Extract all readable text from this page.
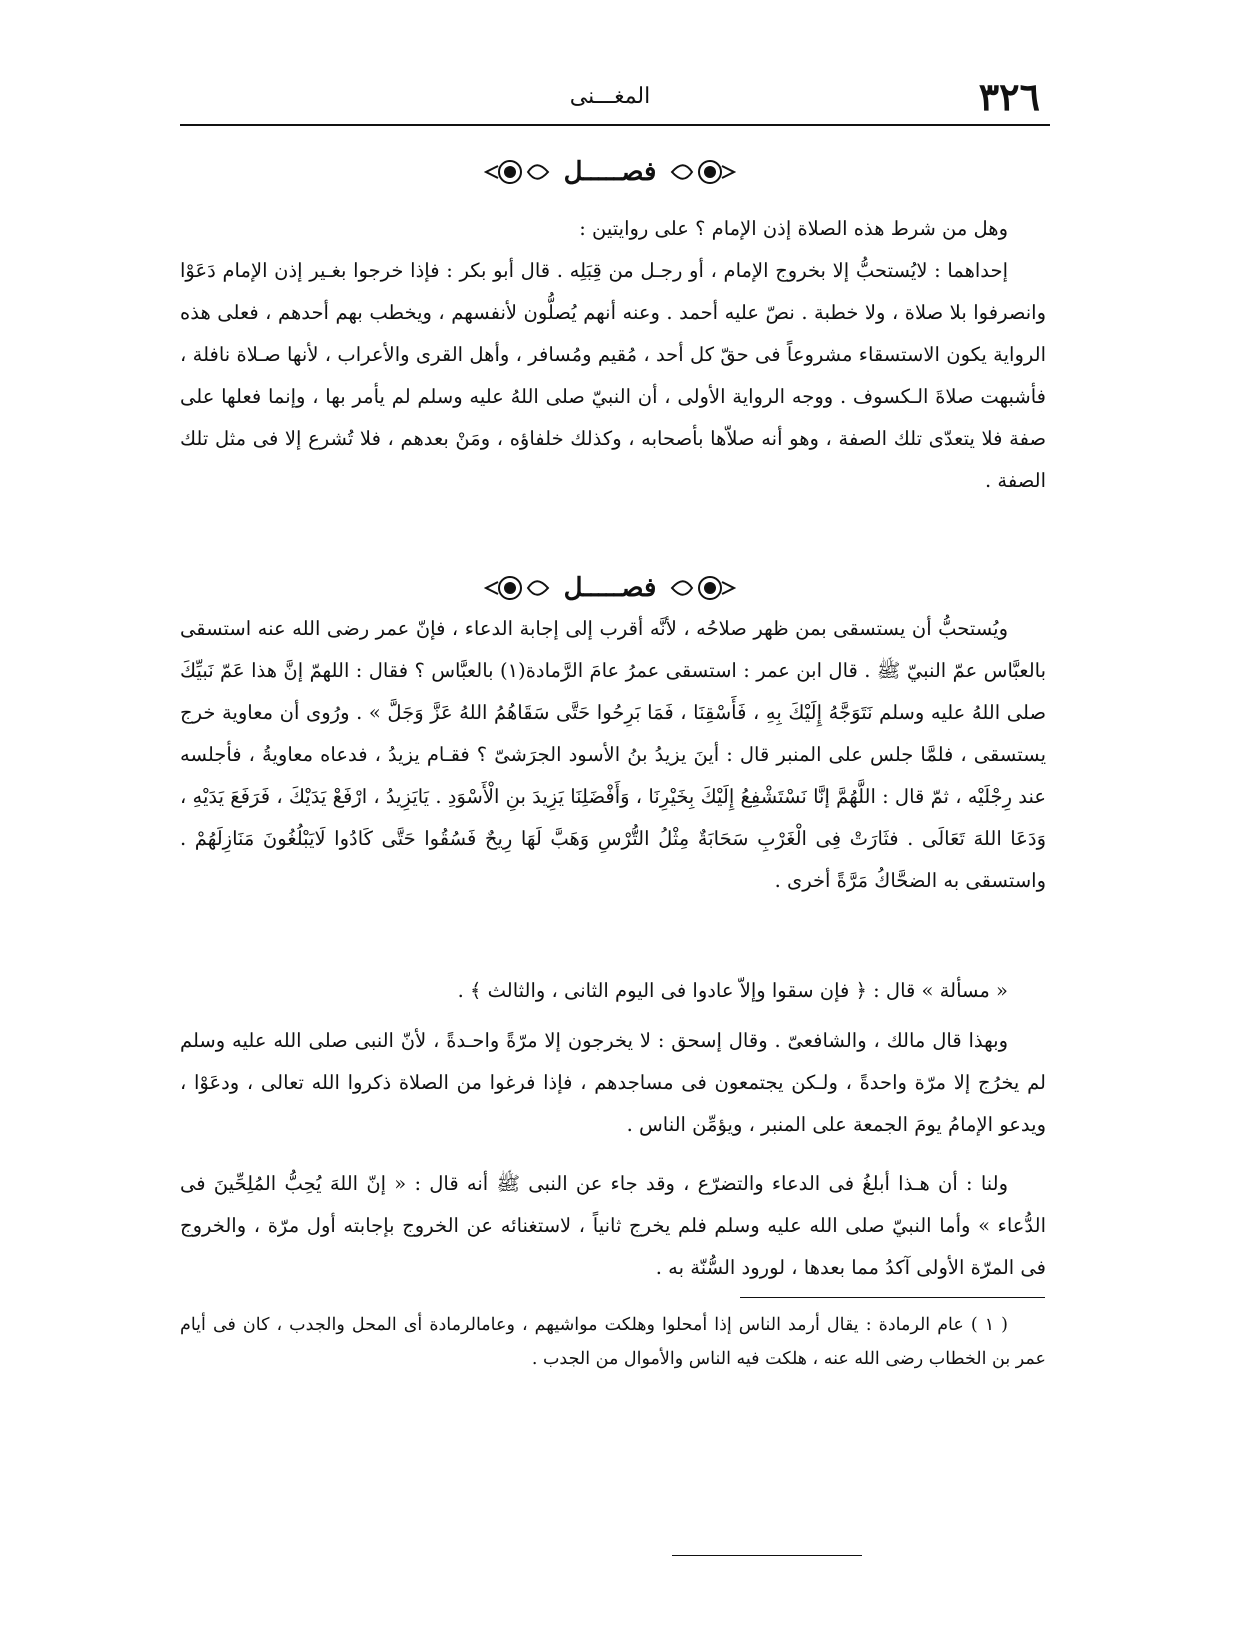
٣٢٦
المغـــنى
فصـــــل

وهل من شرط هذه الصلاة إذن الإمام ؟ على روايتين :

إحداهما : لايُستحبُّ إلا بخروج الإمام ، أو رجـل من قِبَلِه . قال أبو بكر : فإذا خرجوا بغـير إذن الإمام دَعَوْا وانصرفوا بلا صلاة ، ولا خطبة . نصّ عليه أحمد . وعنه أنهم يُصلُّون لأنفسهم ، ويخطب بهم أحدهم ، فعلى هذه الرواية يكون الاستسقاء مشروعاً فى حقّ كل أحد ، مُقيم ومُسافر ، وأهل القرى والأعراب ، لأنها صـلاة نافلة ، فأشبهت صلاةَ الـكسوف . ووجه الرواية الأولى ، أن النبيّ صلى اللهُ عليه وسلم لم يأمر بها ، وإنما فعلها على صفة فلا يتعدّى تلك الصفة ، وهو أنه صلاّها بأصحابه ، وكذلك خلفاؤه ، ومَنْ بعدهم ، فلا تُشرع إلا فى مثل تلك الصفة .

فصـــــل

ويُستحبُّ أن يستسقى بمن ظهر صلاحُه ، لأنَّه أقرب إلى إجابة الدعاء ، فإنّ عمر رضى الله عنه استسقى بالعبَّاس عمّ النبيّ ﷺ . قال ابن عمر : استسقى عمرُ عامَ الرَّمادة(١) بالعبَّاس ؟ فقال : اللهمّ إنَّ هذا عَمّ نَبيِّكَ صلى اللهُ عليه وسلم نَتَوَجَّهُ إِلَيْكَ بِهِ ، فَأَسْقِنَا ، فَمَا بَرِحُوا حَتَّى سَقَاهُمُ اللهُ عَزَّ وَجَلَّ » . ورُوى أن معاوية خرج يستسقى ، فلمَّا جلس على المنبر قال : أينَ يزيدُ بنُ الأسود الجرَشىّ ؟ فقـام يزيدُ ، فدعاه معاويةُ ، فأجلسه عند رِجْلَيْه ، ثمّ قال : اللَّهُمَّ إنَّا نَسْتَشْفِعُ إِلَيْكَ بِخَيْرِنَا ، وَأَفْضَلِنَا يَزِيدَ بنِ الْأَسْوَدِ . يَايَزِيدُ ، ارْفَعْ يَدَيْكَ ، فَرَفَعَ يَدَيْهِ ، وَدَعَا اللهَ تَعَالَى . فثَارَتْ فِى الْغَرْبِ سَحَابَةٌ مِثْلُ التُّرْسِ وَهَبَّ لَهَا رِيحٌ فَسُقُوا حَتَّى كَادُوا لَايَبْلُغُونَ مَنَازِلَهُمْ . واستسقى به الضحَّاكُ مَرَّةً أخرى .

« مسألة » قال : ﴿ فإن سقوا وإلاّ عادوا فى اليوم الثانى ، والثالث ﴾ .

وبهذا قال مالك ، والشافعىّ . وقال إسحق : لا يخرجون إلا مرّةً واحـدةً ، لأنّ النبى صلى الله عليه وسلم لم يخرُج إلا مرّة واحدةً ، ولـكن يجتمعون فى مساجدهم ، فإذا فرغوا من الصلاة ذكروا الله تعالى ، ودعَوْا ، ويدعو الإمامُ يومَ الجمعة على المنبر ، ويؤمِّن الناس .

ولنا : أن هـذا أبلغُ فى الدعاء والتضرّع ، وقد جاء عن النبى ﷺ أنه قال : « إنّ اللهَ يُحِبُّ المُلِحِّينَ فى الدُّعاء » وأما النبيّ صلى الله عليه وسلم فلم يخرج ثانياً ، لاستغنائه عن الخروج بإجابته أول مرّة ، والخروج فى المرّة الأولى آكدُ مما بعدها ، لورود السُّنّة به .

( ١ ) عام الرمادة : يقال أرمد الناس إذا أمحلوا وهلكت مواشيهم ، وعامالرمادة أى المحل والجدب ، كان فى أيام عمر بن الخطاب رضى الله عنه ، هلكت فيه الناس والأموال من الجدب .
